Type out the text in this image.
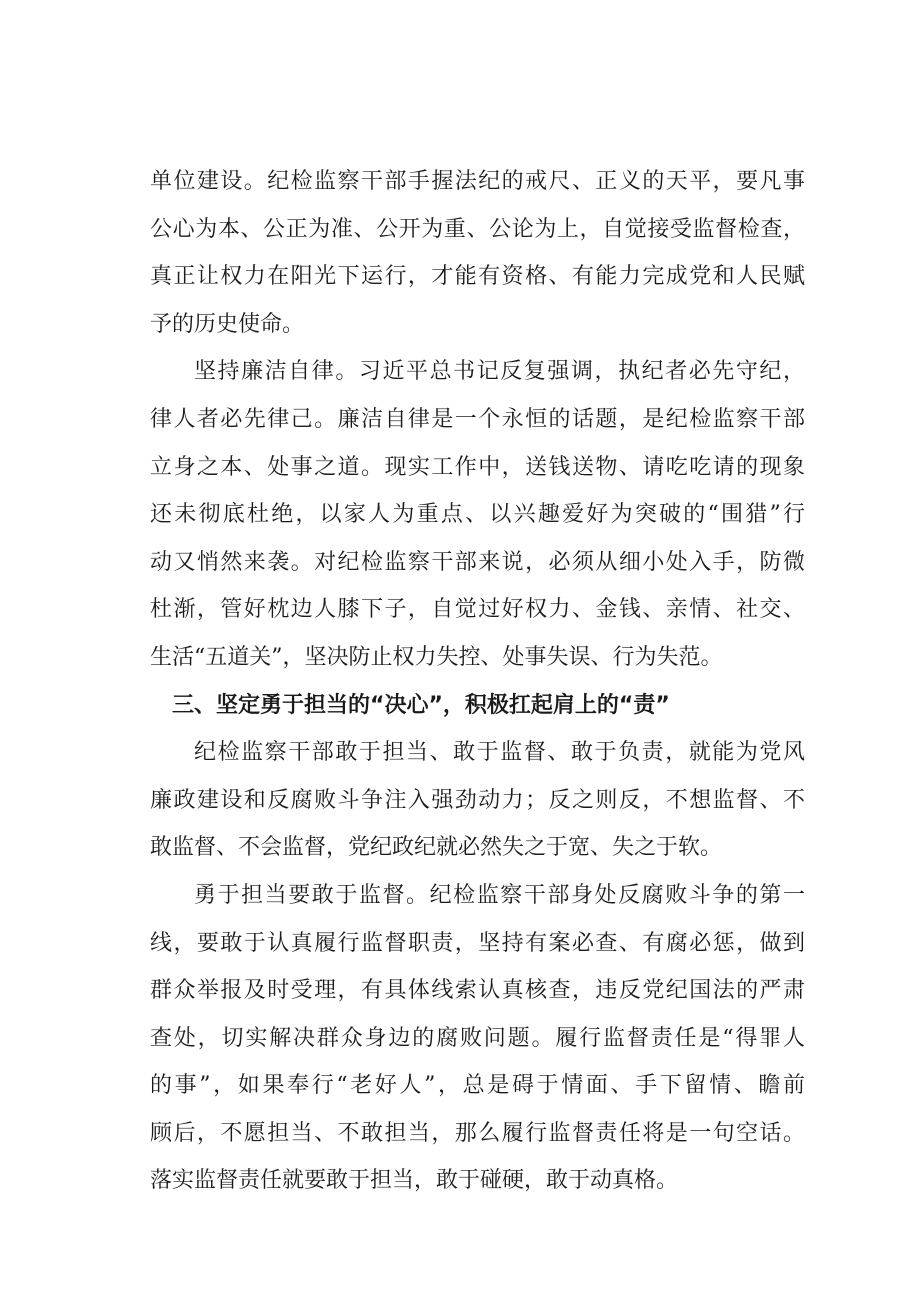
单位建设。纪检监察干部手握法纪的戒尺、正义的天平，要凡事
公心为本、公正为准、公开为重、公论为上，自觉接受监督检查，
真正让权力在阳光下运行，才能有资格、有能力完成党和人民赋
予的历史使命。
坚持廉洁自律。习近平总书记反复强调，执纪者必先守纪，
律人者必先律己。廉洁自律是一个永恒的话题，是纪检监察干部
立身之本、处事之道。现实工作中，送钱送物、请吃吃请的现象
还未彻底杜绝，以家人为重点、以兴趣爱好为突破的“围猎”行
动又悄然来袭。对纪检监察干部来说，必须从细小处入手，防微
杜渐，管好枕边人膝下子，自觉过好权力、金钱、亲情、社交、
生活“五道关”，坚决防止权力失控、处事失误、行为失范。
三、坚定勇于担当的“决心”，积极扛起肩上的“责”
纪检监察干部敢于担当、敢于监督、敢于负责，就能为党风
廉政建设和反腐败斗争注入强劲动力；反之则反，不想监督、不
敢监督、不会监督，党纪政纪就必然失之于宽、失之于软。
勇于担当要敢于监督。纪检监察干部身处反腐败斗争的第一
线，要敢于认真履行监督职责，坚持有案必查、有腐必惩，做到
群众举报及时受理，有具体线索认真核查，违反党纪国法的严肃
查处，切实解决群众身边的腐败问题。履行监督责任是“得罪人
的事”，如果奉行“老好人”，总是碍于情面、手下留情、瞻前
顾后，不愿担当、不敢担当，那么履行监督责任将是一句空话。
落实监督责任就要敢于担当，敢于碰硬，敢于动真格。
